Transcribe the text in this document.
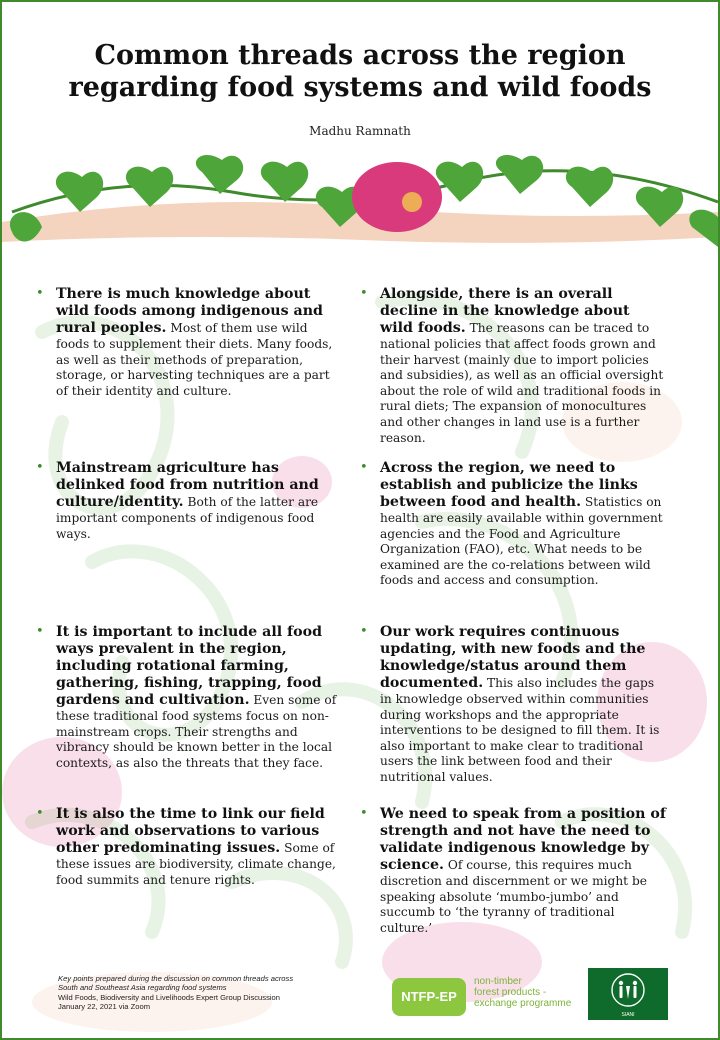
Common threads across the region regarding food systems and wild foods
Madhu Ramnath
• There is much knowledge about wild foods among indigenous and rural peoples. Most of them use wild foods to supplement their diets. Many foods, as well as their methods of preparation, storage, or harvesting techniques are a part of their identity and culture.
• Mainstream agriculture has delinked food from nutrition and culture/identity. Both of the latter are important components of indigenous food ways.
• It is important to include all food ways prevalent in the region, including rotational farming, gathering, fishing, trapping, food gardens and cultivation. Even some of these traditional food systems focus on non-mainstream crops. Their strengths and vibrancy should be known better in the local contexts, as also the threats that they face.
• It is also the time to link our field work and observations to various other predominating issues. Some of these issues are biodiversity, climate change, food summits and tenure rights.
• Alongside, there is an overall decline in the knowledge about wild foods. The reasons can be traced to national policies that affect foods grown and their harvest (mainly due to import policies and subsidies), as well as an official oversight about the role of wild and traditional foods in rural diets; The expansion of monocultures and other changes in land use is a further reason.
• Across the region, we need to establish and publicize the links between food and health. Statistics on health are easily available within government agencies and the Food and Agriculture Organization (FAO), etc. What needs to be examined are the co-relations between wild foods and access and consumption.
• Our work requires continuous updating, with new foods and the knowledge/status around them documented. This also includes the gaps in knowledge observed within communities during workshops and the appropriate interventions to be designed to fill them. It is also important to make clear to traditional users the link between food and their nutritional values.
• We need to speak from a position of strength and not have the need to validate indigenous knowledge by science. Of course, this requires much discretion and discernment or we might be speaking absolute ‘mumbo-jumbo’ and succumb to ‘the tyranny of traditional culture.’
Key points prepared during the discussion on common threads across
South and Southeast Asia regarding food systems
Wild Foods, Biodiversity and Livelihoods Expert Group Discussion
January 22, 2021 via Zoom
NTFP-EP
non-timber
forest products -
exchange programme
SIANI
